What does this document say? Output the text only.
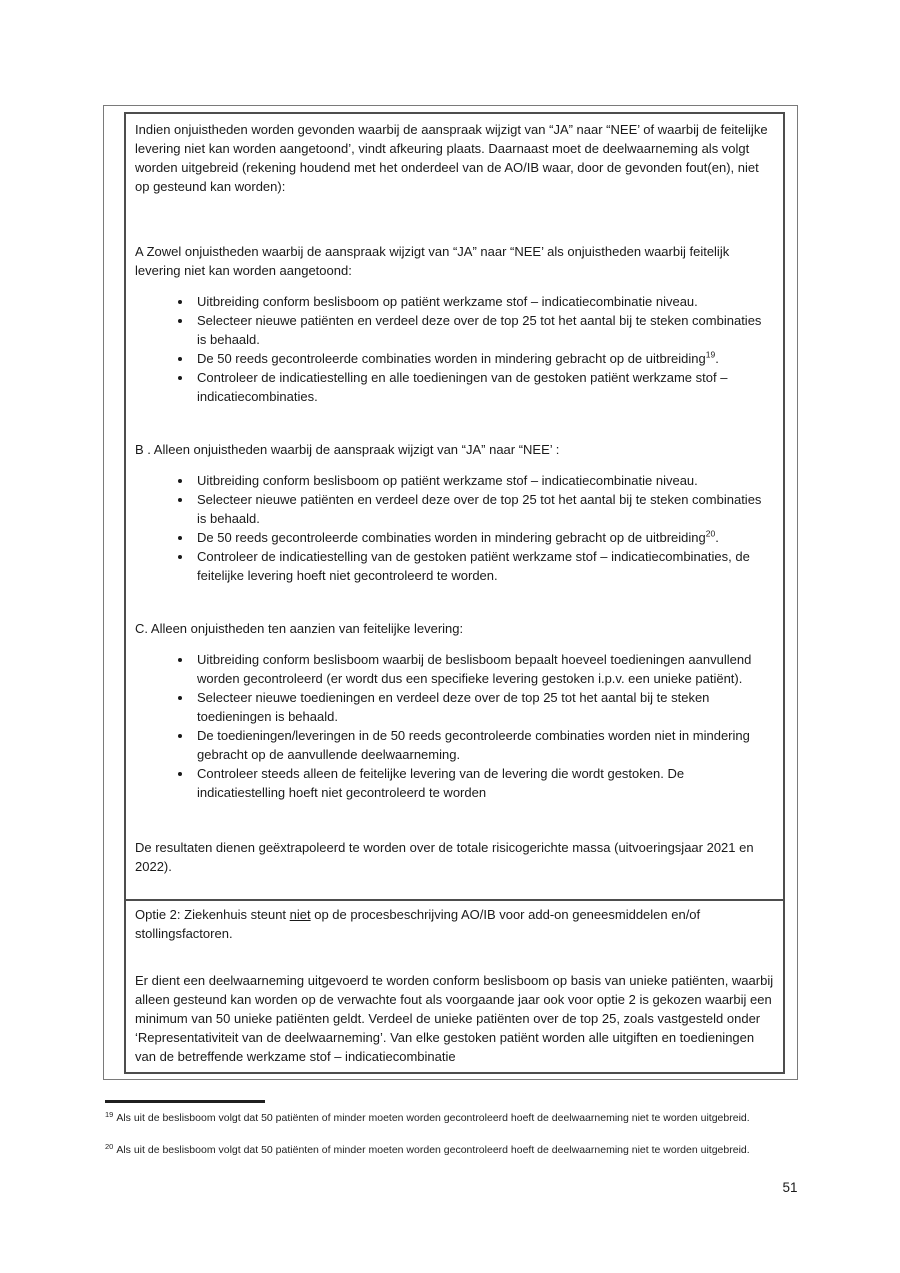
Indien onjuistheden worden gevonden waarbij de aanspraak wijzigt van “JA” naar “NEE’ of waarbij de feitelijke levering niet kan worden aangetoond’, vindt afkeuring plaats. Daarnaast moet de deelwaarneming als volgt worden uitgebreid (rekening houdend met het onderdeel van de AO/IB waar, door de gevonden fout(en), niet op gesteund kan worden):

A Zowel onjuistheden waarbij de aanspraak wijzigt van “JA” naar “NEE’ als onjuistheden waarbij feitelijk levering niet kan worden aangetoond:

• Uitbreiding conform beslisboom op patiënt werkzame stof – indicatiecombinatie niveau.
• Selecteer nieuwe patiënten en verdeel deze over de top 25 tot het aantal bij te steken combinaties is behaald.
• De 50 reeds gecontroleerde combinaties worden in mindering gebracht op de uitbreiding$^{19}$.
• Controleer de indicatiestelling en alle toedieningen van de gestoken patiënt werkzame stof – indicatiecombinaties.

B . Alleen onjuistheden waarbij de aanspraak wijzigt van “JA” naar “NEE’ :

• Uitbreiding conform beslisboom op patiënt werkzame stof – indicatiecombinatie niveau.
• Selecteer nieuwe patiënten en verdeel deze over de top 25 tot het aantal bij te steken combinaties is behaald.
• De 50 reeds gecontroleerde combinaties worden in mindering gebracht op de uitbreiding$^{20}$.
• Controleer de indicatiestelling van de gestoken patiënt werkzame stof – indicatiecombinaties, de feitelijke levering hoeft niet gecontroleerd te worden.

C. Alleen onjuistheden ten aanzien van feitelijke levering:

• Uitbreiding conform beslisboom waarbij de beslisboom bepaalt hoeveel toedieningen aanvullend worden gecontroleerd (er wordt dus een specifieke levering gestoken i.p.v. een unieke patiënt).
• Selecteer nieuwe toedieningen en verdeel deze over de top 25 tot het aantal bij te steken toedieningen is behaald.
• De toedieningen/leveringen in de 50 reeds gecontroleerde combinaties worden niet in mindering gebracht op de aanvullende deelwaarneming.
• Controleer steeds alleen de feitelijke levering van de levering die wordt gestoken. De indicatiestelling hoeft niet gecontroleerd te worden

De resultaten dienen geëxtrapoleerd te worden over de totale risicogerichte massa (uitvoeringsjaar 2021 en 2022).

Optie 2: Ziekenhuis steunt niet op de procesbeschrijving AO/IB voor add-on geneesmiddelen en/of stollingsfactoren.

Er dient een deelwaarneming uitgevoerd te worden conform beslisboom op basis van unieke patiënten, waarbij alleen gesteund kan worden op de verwachte fout als voorgaande jaar ook voor optie 2 is gekozen waarbij een minimum van 50 unieke patiënten geldt. Verdeel de unieke patiënten over de top 25, zoals vastgesteld onder ‘Representativiteit van de deelwaarneming’. Van elke gestoken patiënt worden alle uitgiften en toedieningen van de betreffende werkzame stof – indicatiecombinatie

$^{19}$ Als uit de beslisboom volgt dat 50 patiënten of minder moeten worden gecontroleerd hoeft de deelwaarneming niet te worden uitgebreid.

$^{20}$ Als uit de beslisboom volgt dat 50 patiënten of minder moeten worden gecontroleerd hoeft de deelwaarneming niet te worden uitgebreid.

51
